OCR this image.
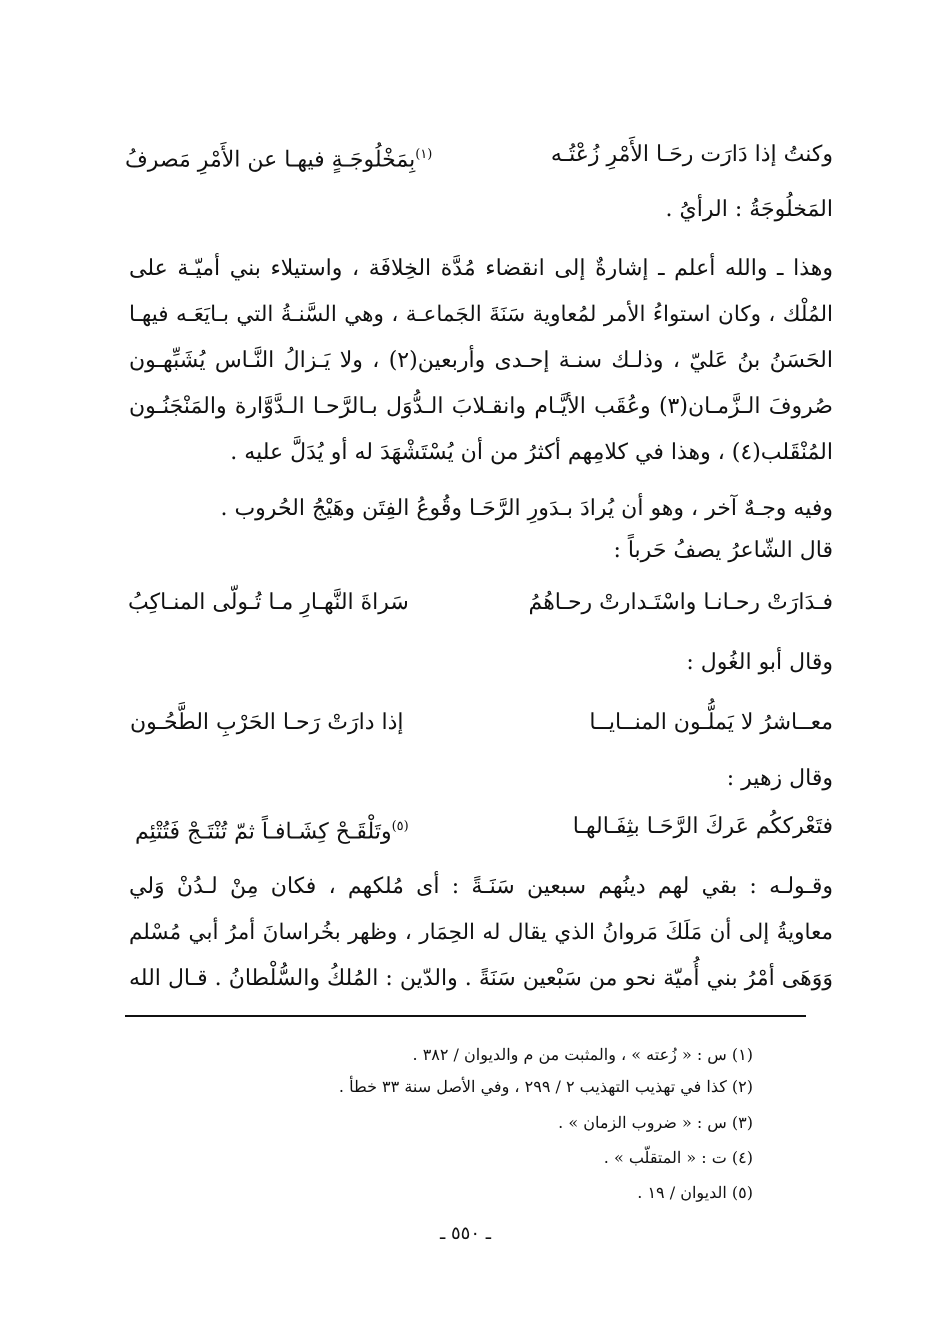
وكنتُ إذا دَارَت رحَـا الأَمْرِ زُعْتُـه
$^{(١)}$بِمَخْلُوجَـةٍ فيهـا عن الأَمْرِ مَصرفُ
المَخلُوجَةُ : الرأيُ .
وهذا ـ والله أعلم ـ إشارةٌ إلى انقضاء مُدَّة الخِلافَة ، واستيلاء بني أميّـة على
المُلْك ، وكان استواءُ الأمر لمُعاوية سَنَةَ الجَماعـة ، وهي السَّنـةُ التي بـايَعَـه فيهـا
الحَسَنُ بنُ عَليّ ، وذلـك سنـة إحـدى وأربعين(٢) ، ولا يَـزالُ النَّـاس يُشَبِّهـون
صُروفَ الـزَّمـان(٣) وعُقَب الأيَّـام وانقـلابَ الـدُّوَل بـالرَّحـا الـدَّوَّارة والمَنْجَنُـون
المُنْقَلب(٤) ، وهذا في كلامِهم أكثرُ من أن يُسْتَشْهَدَ له أو يُدَلَّ عليه .
وفيه وجـهٌ آخر ، وهو أن يُرادَ بـدَورِ الرَّحَـا وقُوعُ الفِتَن وهَيْجُ الحُروب .
قال الشّاعرُ يصفُ حَرباً :
فـدَارَتْ رحـانـا واسْتَـدارتْ رحـاهُمُ
سَراةَ النَّهـارِ مـا تُـولّى المنـاكِبُ
وقال أبو الغُول :
معــاشرُ لا يَملُّـون المنــايــا
إذا دارَتْ رَحـا الحَرْبِ الطَّحُـون
وقال زهير :
فتَعْرككُم عَركَ الرَّحَـا بثِفَـالهـا
$^{(٥)}$وتَلْقَـحْ كِشَـافـاً ثمّ تُنْتَـجْ فَتُتْئِم
وقـولـه : بقي لهم دينُهم سبعين سَنَـةً : أى مُلكهم ، فكان مِنْ لـدُنْ وَلي
معاويةُ إلى أن مَلَكَ مَروانُ الذي يقال له الحِمَار ، وظهر بخُراسانَ أمرُ أبي مُسْلم
وَوَهَى أمْرُ بني أُميّة نحو من سَبْعين سَنَةً . والدّين : المُلكُ والسُّلْطانُ . قـال الله
(١) س : « زُعته » ، والمثبت من م والديوان / ٣٨٢ .
(٢) كذا في تهذيب التهذيب ٢ / ٢٩٩ ، وفي الأصل سنة ٣٣ خطأ .
(٣) س : « ضروب الزمان » .
(٤) ت : « المتقلّب » .
(٥) الديوان / ١٩ .
ـ ٥٥٠ ـ
